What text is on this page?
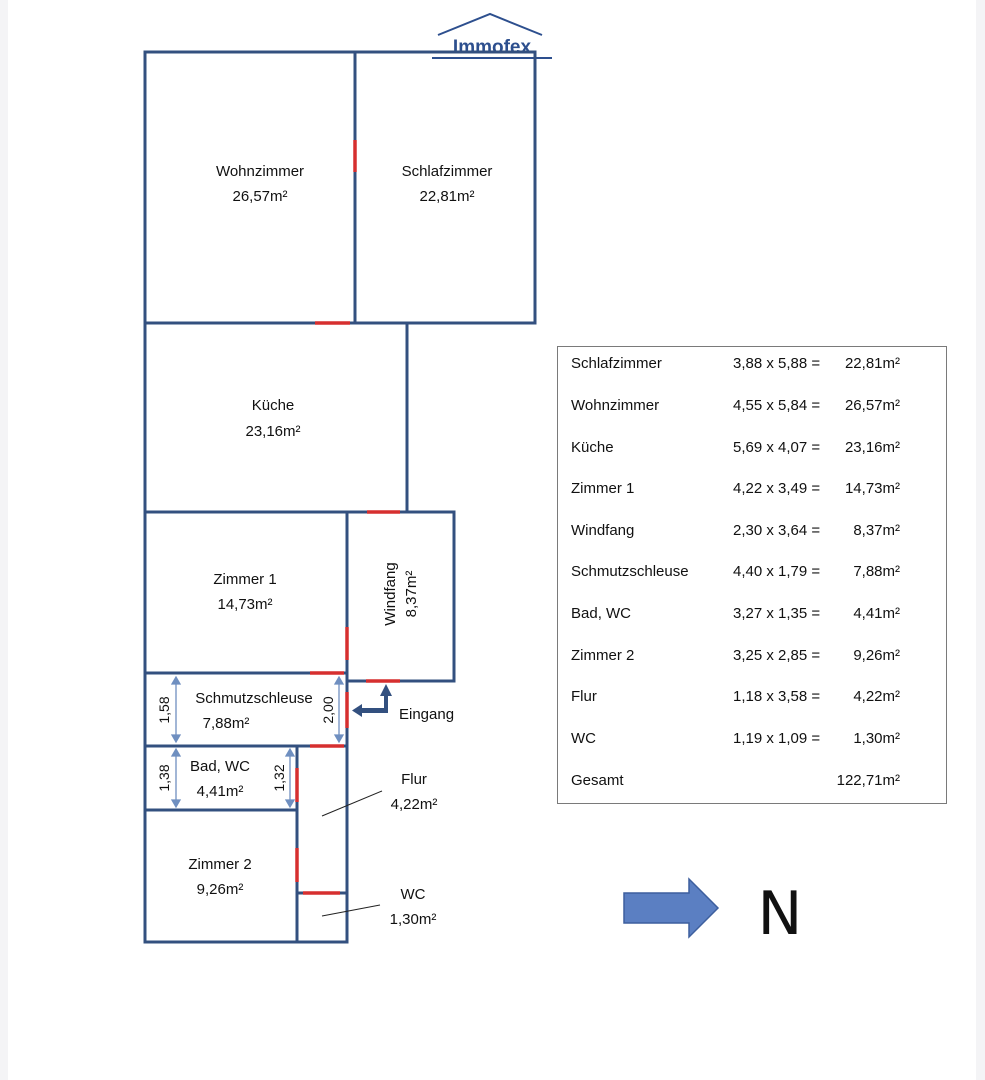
Immofex
Wohnzimmer
26,57m²
Schlafzimmer
22,81m²
Küche
23,16m²
Zimmer 1
14,73m²	Windfang 8,37m²
Schmutzschleuse
7,88m²
Bad, WC
4,41m²
Zimmer 2
9,26m²
Flur
4,22m²
WC
1,30m²
1,58	2,00
1,38	1,32
Eingang
N
Schlafzimmer	3,88 x 5,88 = 22,81m²
Wohnzimmer	4,55 x 5,84 = 26,57m²
Küche	5,69 x 4,07 = 23,16m²
Zimmer 1	4,22 x 3,49 = 14,73m²
Windfang	2,30 x 3,64 = 8,37m²
Schmutzschleuse	4,40 x 1,79 = 7,88m²
Bad, WC	3,27 x 1,35 = 4,41m²
Zimmer 2	3,25 x 2,85 = 9,26m²
Flur	1,18 x 3,58 = 4,22m²
WC	1,19 x 1,09 = 1,30m²
Gesamt	122,71m²
